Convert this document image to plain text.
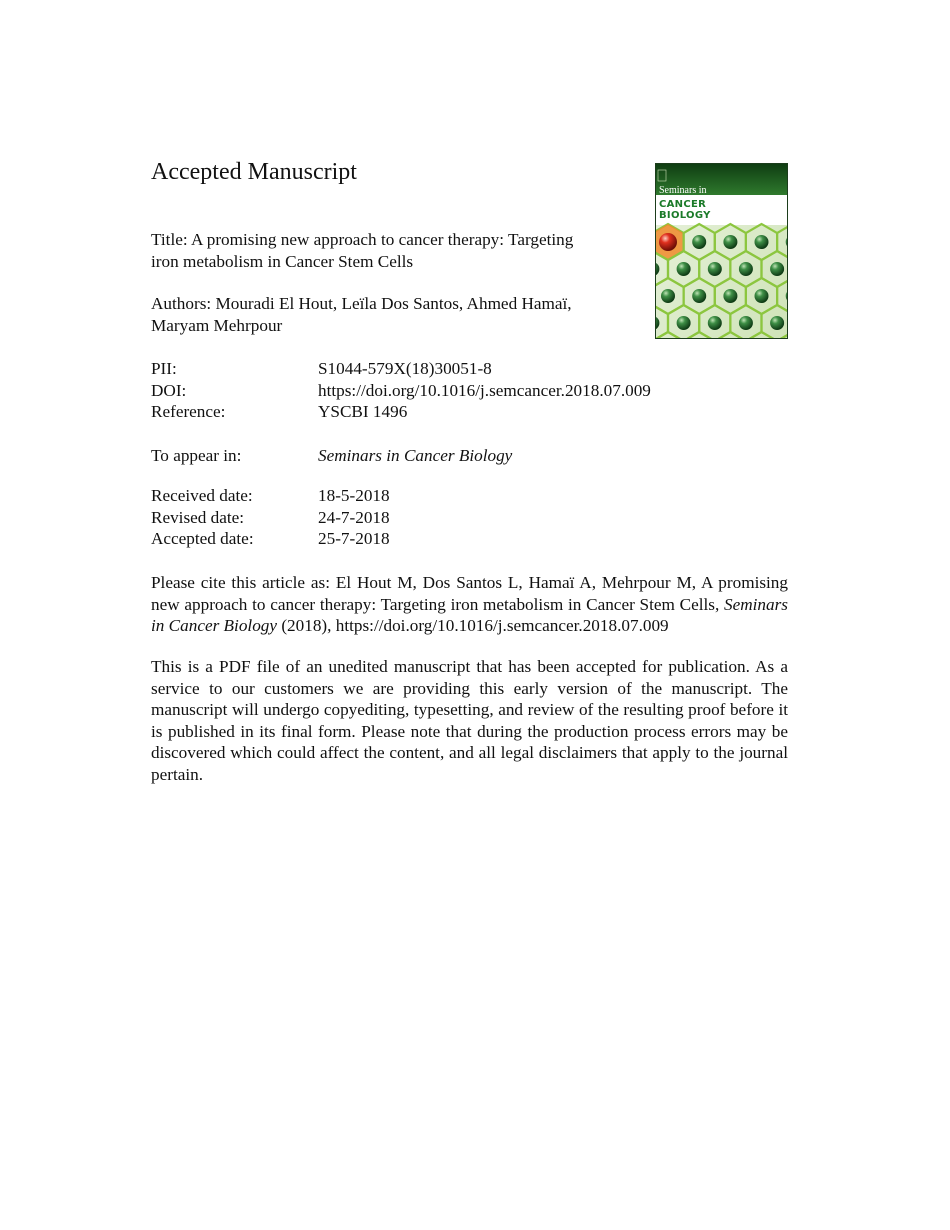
Accepted Manuscript
Title: A promising new approach to cancer therapy: Targeting
iron metabolism in Cancer Stem Cells
Authors: Mouradi El Hout, Leïla Dos Santos, Ahmed Hamaï,
Maryam Mehrpour
PII:	S1044-579X(18)30051-8
DOI:	https://doi.org/10.1016/j.semcancer.2018.07.009
Reference:	YSCBI 1496
To appear in:	Seminars in Cancer Biology
Received date:	18-5-2018
Revised date:	24-7-2018
Accepted date:	25-7-2018
Please cite this article as: El Hout M, Dos Santos L, Hamaï A, Mehrpour M, A promising new approach to cancer therapy: Targeting iron metabolism in Cancer Stem Cells, Seminars in Cancer Biology (2018), https://doi.org/10.1016/j.semcancer.2018.07.009
This is a PDF file of an unedited manuscript that has been accepted for publication. As a service to our customers we are providing this early version of the manuscript. The manuscript will undergo copyediting, typesetting, and review of the resulting proof before it is published in its final form. Please note that during the production process errors may be discovered which could affect the content, and all legal disclaimers that apply to the journal pertain.
Seminars in
CANCER
BIOLOGY
